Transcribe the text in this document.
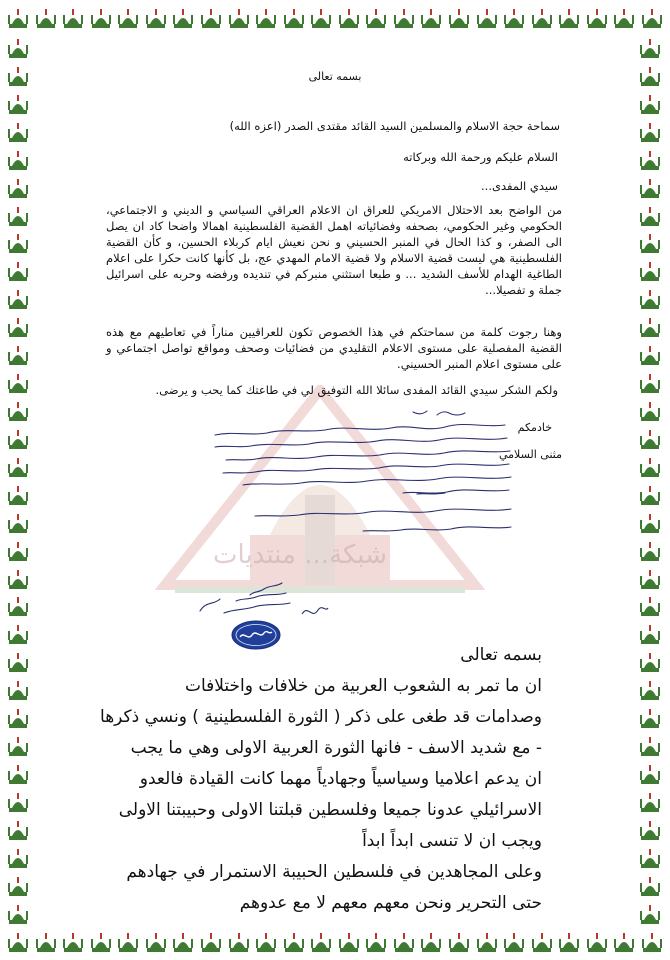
شبكة... منتديات
بسمه تعالى
سماحة حجة الاسلام والمسلمين السيد القائد مقتدى الصدر (اعزه الله)
السلام عليكم ورحمة الله وبركاته
سيدي المفدى...
من الواضح بعد الاحتلال الامريكي للعراق ان الاعلام العراقي السياسي و الديني و الاجتماعي، الحكومي وغير الحكومي، بصحفه وفضائياته اهمل القضية الفلسطينية اهمالا واضحا كاد ان يصل الى الصفر، و كذا الحال في المنبر الحسيني و نحن نعيش ايام كربلاء الحسين، و كأن القضية الفلسطينية هي ليست قضية الاسلام ولا قضية الامام المهدي عج، بل كأنها كانت حكرا على اعلام الطاغية الهدام للأسف الشديد ... و طبعا استثني منبركم في تنديده ورفضه وحربه على اسرائيل جملة و تفصيلا...
وهنا رجوت كلمة من سماحتكم في هذا الخصوص تكون للعراقيين مناراً في تعاطيهم مع هذه القضية المفصلية على مستوى الاعلام التقليدي من فضائيات وصحف ومواقع تواصل اجتماعي و على مستوى اعلام المنبر الحسيني.
ولكم الشكر سيدي القائد المفدى سائلا الله التوفيق لي في طاعتك كما يحب و يرضى.
خادمكم
مثنى السلامي
بسمه تعالى
ان ما تمر به الشعوب العربية من خلافات واختلافات
وصدامات قد طغى على ذكر ( الثورة الفلسطينية ) ونسي ذكرها
- مع شديد الاسف - فانها الثورة العربية الاولى وهي ما يجب
ان يدعم اعلاميا وسياسياً وجهادياً مهما كانت القيادة فالعدو
الاسرائيلي عدونا جميعا وفلسطين قبلتنا الاولى وحبيبتنا الاولى
ويجب ان لا تنسى ابداً ابداً
وعلى المجاهدين في فلسطين الحبيبة الاستمرار في جهادهم
حتى التحرير ونحن معهم معهم لا مع عدوهم
